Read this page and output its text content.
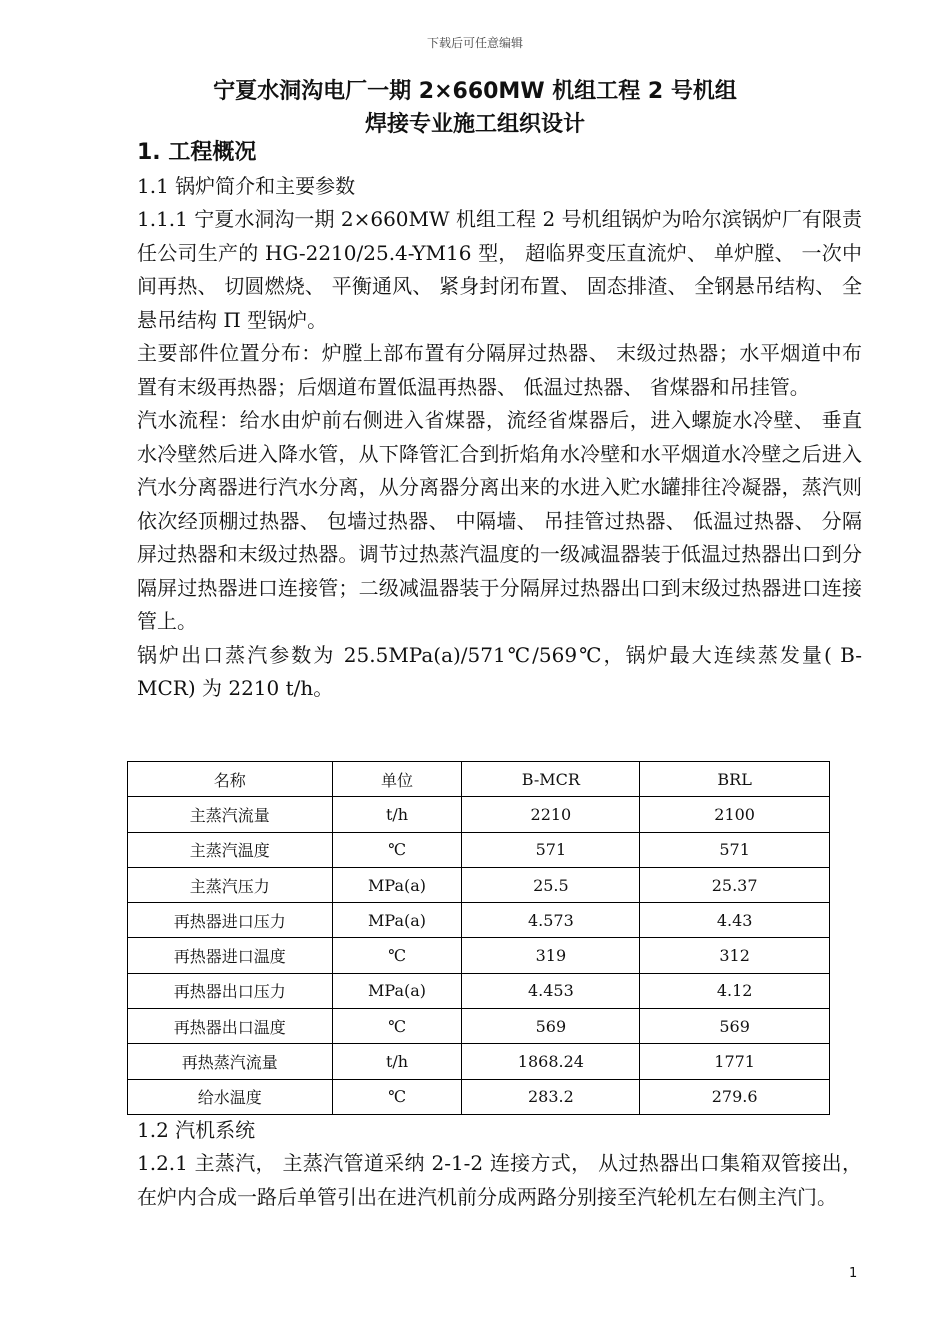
下载后可任意编辑
宁夏水洞沟电厂一期 2×660MW 机组工程 2 号机组
焊接专业施工组织设计

1. 工程概况

1.1 锅炉简介和主要参数

1.1.1 宁夏水洞沟一期 2×660MW 机组工程 2 号机组锅炉为哈尔滨锅炉厂有限责任公司生产的 HG-2210/25.4-YM16 型， 超临界变压直流炉、 单炉膛、 一次中间再热、 切圆燃烧、 平衡通风、 紧身封闭布置、 固态排渣、 全钢悬吊结构、 全悬吊结构 Π 型锅炉。

主要部件位置分布：炉膛上部布置有分隔屏过热器、 末级过热器；水平烟道中布置有末级再热器；后烟道布置低温再热器、 低温过热器、 省煤器和吊挂管。

汽水流程：给水由炉前右侧进入省煤器，流经省煤器后，进入螺旋水冷壁、 垂直水冷壁然后进入降水管，从下降管汇合到折焰角水冷壁和水平烟道水冷壁之后进入汽水分离器进行汽水分离，从分离器分离出来的水进入贮水罐排往冷凝器，蒸汽则依次经顶棚过热器、 包墙过热器、 中隔墙、 吊挂管过热器、 低温过热器、 分隔屏过热器和末级过热器。调节过热蒸汽温度的一级减温器装于低温过热器出口到分隔屏过热器进口连接管；二级减温器装于分隔屏过热器出口到末级过热器进口连接管上。

锅炉出口蒸汽参数为 25.5MPa(a)/571℃/569℃，锅炉最大连续蒸发量( B-MCR) 为 2210 t/h。

名称	单位	B-MCR	BRL
主蒸汽流量	t/h	2210	2100
主蒸汽温度	℃	571	571
主蒸汽压力	MPa(a)	25.5	25.37
再热器进口压力	MPa(a)	4.573	4.43
再热器进口温度	℃	319	312
再热器出口压力	MPa(a)	4.453	4.12
再热器出口温度	℃	569	569
再热蒸汽流量	t/h	1868.24	1771
给水温度	℃	283.2	279.6

1.2 汽机系统

1.2.1 主蒸汽， 主蒸汽管道采纳 2-1-2 连接方式， 从过热器出口集箱双管接出，在炉内合成一路后单管引出在进汽机前分成两路分别接至汽轮机左右侧主汽门。

1
